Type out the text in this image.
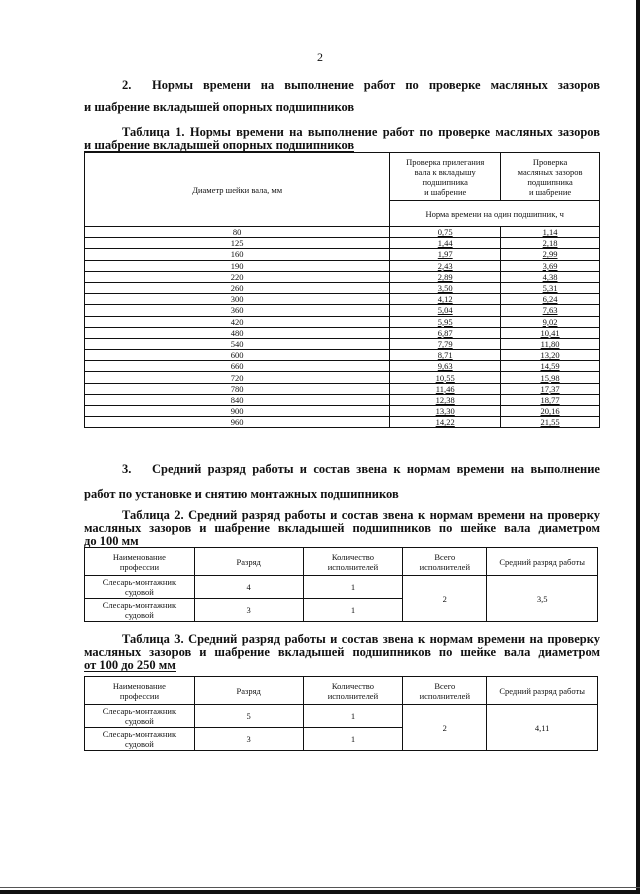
2
2. Нормы времени на выполнение работ по проверке масляных зазоров
и шабрение вкладышей опорных подшипников
Таблица 1. Нормы времени на выполнение работ по проверке масляных зазоров
и шабрение вкладышей опорных подшипников
Диаметр шейки вала, мм	Проверка прилегания
вала к вкладышу
подшипника
и шабрение	Проверка
масляных зазоров
подшипника
и шабрение
	Норма времени на один подшипник, ч	
80	0,75	1,14
125	1,44	2,18
160	1,97	2,99
190	2,43	3,69
220	2,89	4,38
260	3,50	5,31
300	4,12	6,24
360	5,04	7,63
420	5,95	9,02
480	6,87	10,41
540	7,79	11,80
600	8,71	13,20
660	9,63	14,59
720	10,55	15,98
780	11,46	17,37
840	12,38	18,77
900	13,30	20,16
960	14,22	21,55
3. Средний разряд работы и состав звена к нормам времени на выполнение
работ по установке и снятию монтажных подшипников
Таблица 2. Средний разряд работы и состав звена к нормам времени на проверку
масляных зазоров и шабрение вкладышей подшипников по шейке вала диаметром
до 100 мм
Наименование
профессии	Разряд	Количество
исполнителей	Всего
исполнителей	Средний разряд работы
Слесарь-монтажник
судовой	4	1	2	3,5
Слесарь-монтажник
судовой	3	1		
Таблица 3. Средний разряд работы и состав звена к нормам времени на проверку
масляных зазоров и шабрение вкладышей подшипников по шейке вала диаметром
от 100 до 250 мм
Наименование
профессии	Разряд	Количество
исполнителей	Всего
исполнителей	Средний разряд работы
Слесарь-монтажник
судовой	5	1	2	4,11
Слесарь-монтажник
судовой	3	1		
